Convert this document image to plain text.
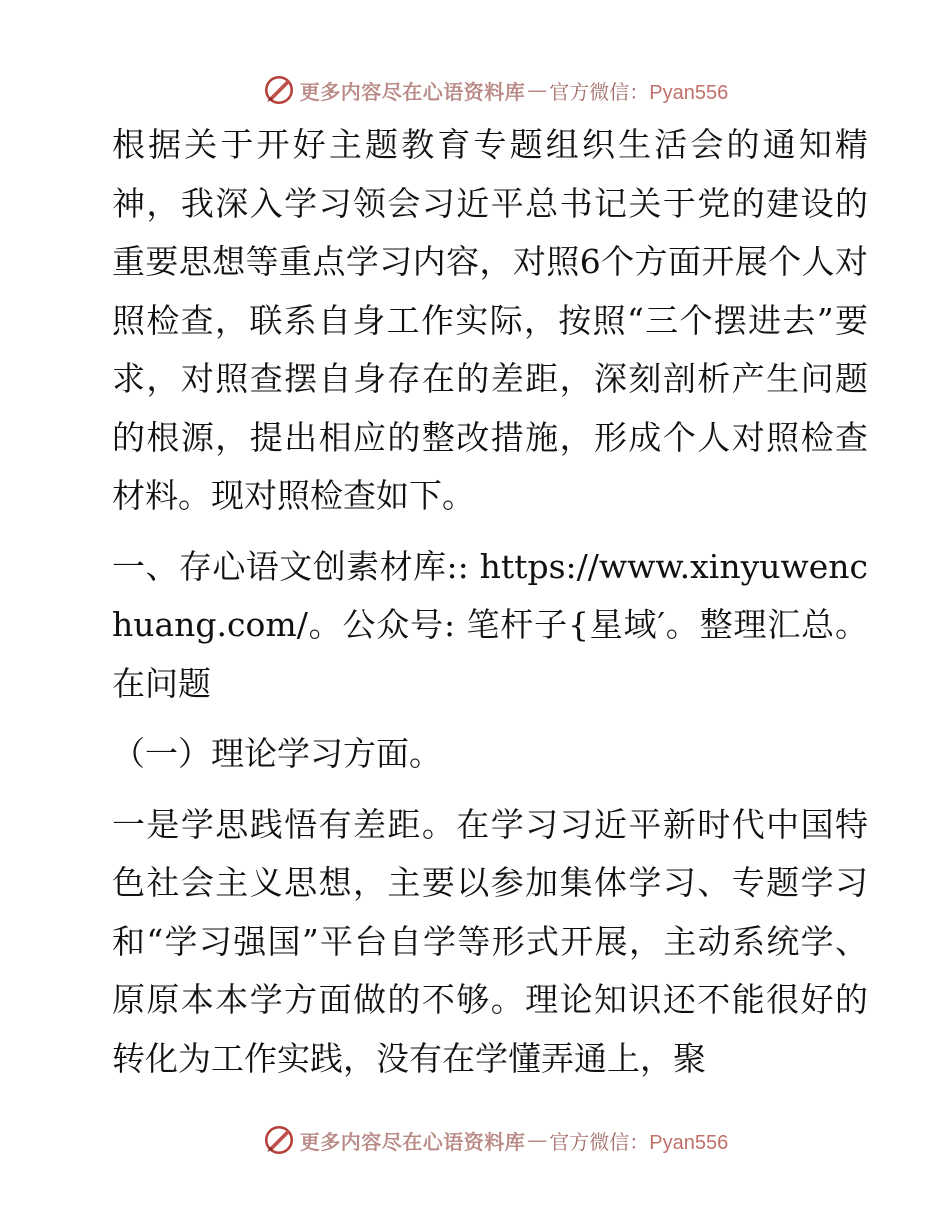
更多内容尽在心语资料库 — 官方微信：Pyan556

根据关于开好主题教育专题组织生活会的通知精神，我深入学习领会习近平总书记关于党的建设的重要思想等重点学习内容，对照6个方面开展个人对照检查，联系自身工作实际，按照“三个摆进去”要求，对照查摆自身存在的差距，深刻剖析产生问题的根源，提出相应的整改措施，形成个人对照检查材料。现对照检查如下。

一、存心语文创素材库:: https://www.xinyuwenchuang.com/。公众号: 笔杆子{星域′。整理汇总。在问题

（一）理论学习方面。

一是学思践悟有差距。在学习习近平新时代中国特色社会主义思想，主要以参加集体学习、专题学习和“学习强国”平台自学等形式开展，主动系统学、原原本本学方面做的不够。理论知识还不能很好的转化为工作实践，没有在学懂弄通上，聚

更多内容尽在心语资料库 — 官方微信：Pyan556
